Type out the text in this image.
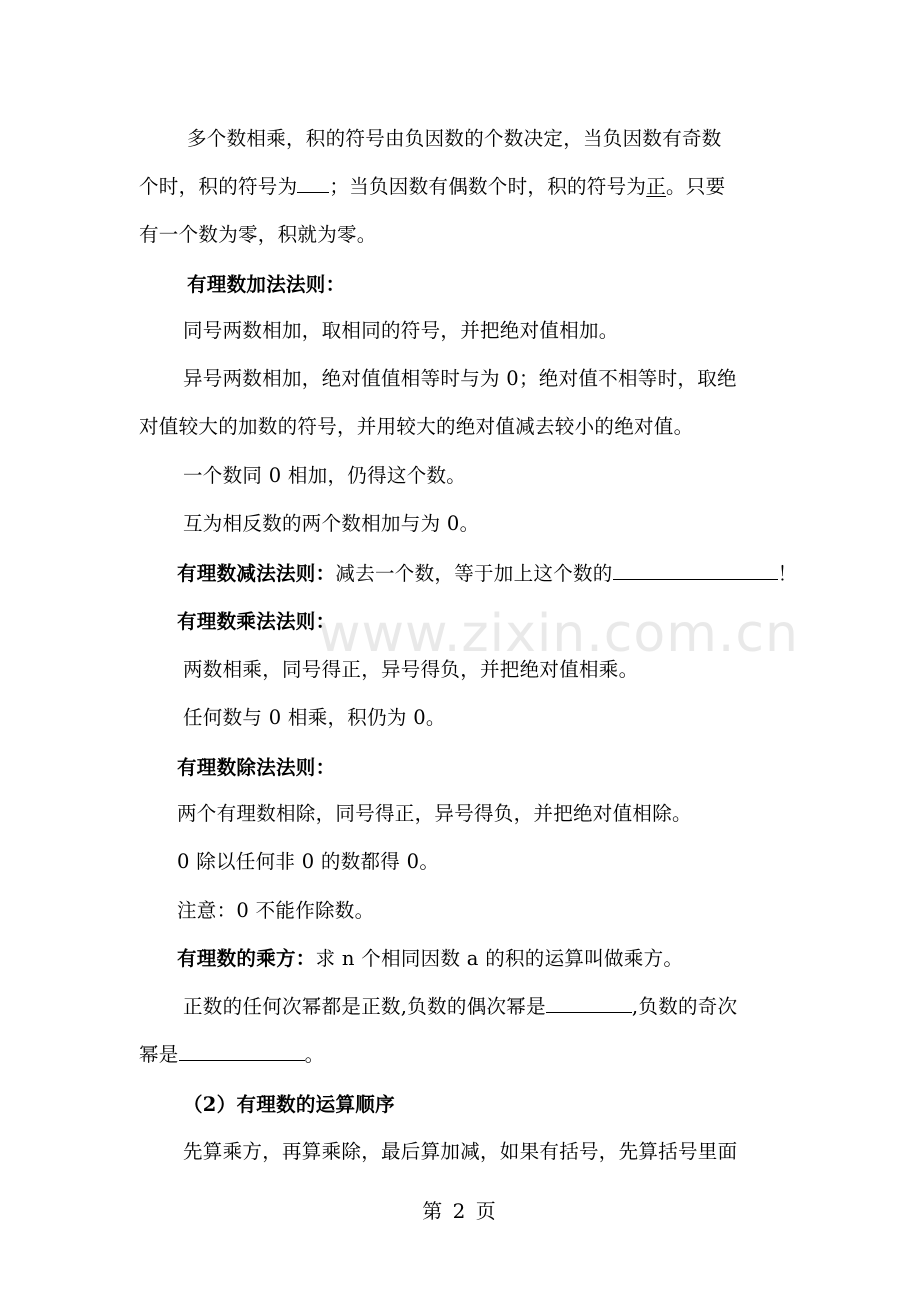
www.zixin.com.cn
多个数相乘，积的符号由负因数的个数决定，当负因数有奇数
个时，积的符号为 ；当负因数有偶数个时，积的符号为正。只要
有一个数为零，积就为零。
有理数加法法则：
同号两数相加，取相同的符号，并把绝对值相加。
异号两数相加，绝对值值相等时与为 0；绝对值不相等时，取绝
对值较大的加数的符号，并用较大的绝对值减去较小的绝对值。
一个数同 0 相加，仍得这个数。
互为相反数的两个数相加与为 0。
有理数减法法则：减去一个数，等于加上这个数的	！
有理数乘法法则：
两数相乘，同号得正，异号得负，并把绝对值相乘。
任何数与 0 相乘，积仍为 0。
有理数除法法则：
两个有理数相除，同号得正，异号得负，并把绝对值相除。
0 除以任何非 0 的数都得 0。
注意：0 不能作除数。
有理数的乘方：求 n 个相同因数 a 的积的运算叫做乘方。
正数的任何次幂都是正数,负数的偶次幂是	,负数的奇次
幂是	。
（2）有理数的运算顺序
先算乘方，再算乘除，最后算加减，如果有括号，先算括号里面
第 2 页
